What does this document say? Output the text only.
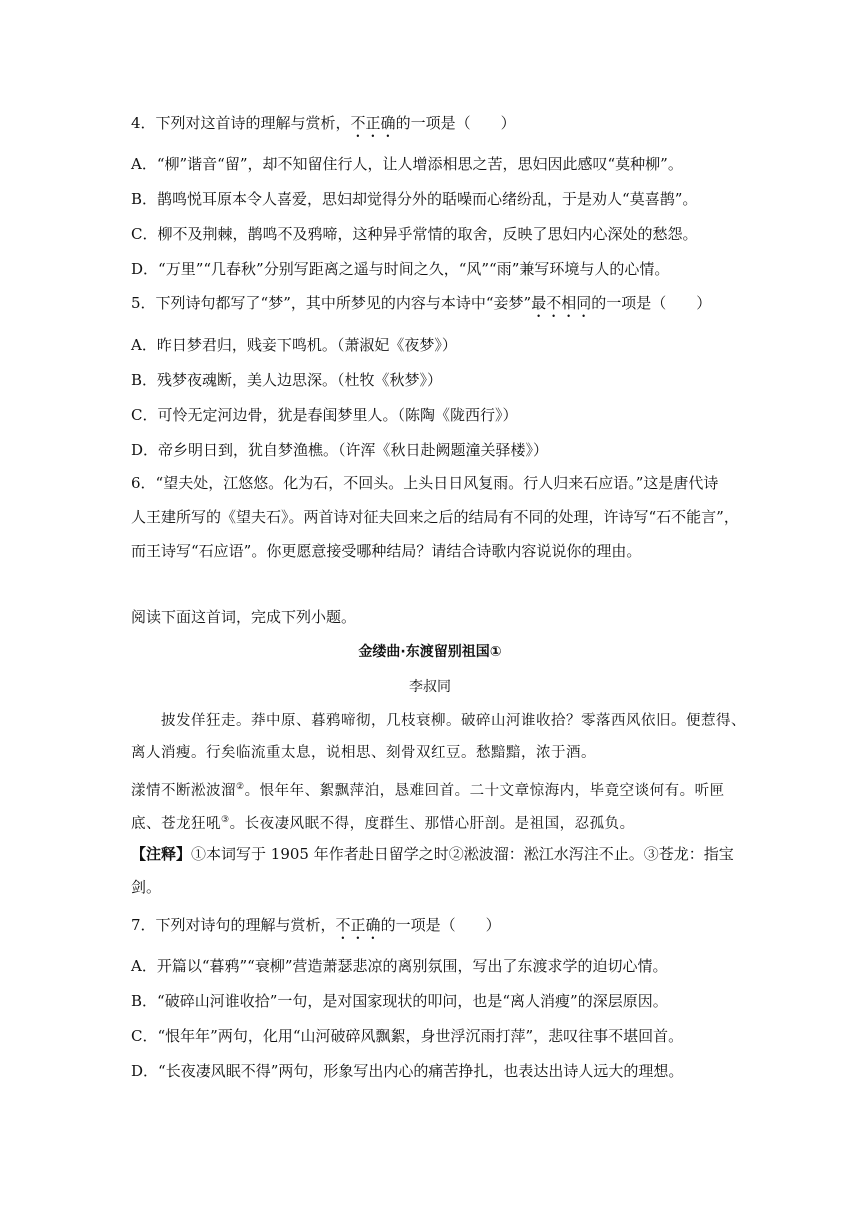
4．下列对这首诗的理解与赏析，不正确的一项是（　　）
A．“柳”谐音“留”，却不知留住行人，让人增添相思之苦，思妇因此感叹“莫种柳”。
B．鹊鸣悦耳原本令人喜爱，思妇却觉得分外的聒噪而心绪纷乱，于是劝人“莫喜鹊”。
C．柳不及荆棘，鹊鸣不及鸦啼，这种异乎常情的取舍，反映了思妇内心深处的愁怨。
D．“万里”“几春秋”分别写距离之遥与时间之久，“风”“雨”兼写环境与人的心情。
5．下列诗句都写了“梦”，其中所梦见的内容与本诗中“妾梦”最不相同的一项是（　　）
A．昨日梦君归，贱妾下鸣机。（萧淑妃《夜梦》）
B．残梦夜魂断，美人边思深。（杜牧《秋梦》）
C．可怜无定河边骨，犹是春闺梦里人。（陈陶《陇西行》）
D．帝乡明日到，犹自梦渔樵。（许浑《秋日赴阙题潼关驿楼》）
6．“望夫处，江悠悠。化为石，不回头。上头日日风复雨。行人归来石应语。”这是唐代诗
人王建所写的《望夫石》。两首诗对征夫回来之后的结局有不同的处理，许诗写“石不能言”，
而王诗写“石应语”。你更愿意接受哪种结局？请结合诗歌内容说说你的理由。
阅读下面这首词，完成下列小题。
金缕曲·东渡留别祖国①
李叔同
　　披发佯狂走。莽中原、暮鸦啼彻，几枝衰柳。破碎山河谁收拾？零落西风依旧。便惹得、
离人消瘦。行矣临流重太息，说相思、刻骨双红豆。愁黯黯，浓于酒。
漾情不断淞波溜②。恨年年、絮飘萍泊，恳难回首。二十文章惊海内，毕竟空谈何有。听匣
底、苍龙狂吼③。长夜凄风眠不得，度群生、那惜心肝剖。是祖国，忍孤负。
【注释】①本词写于 1905 年作者赴日留学之时②淞波溜：淞江水泻注不止。③苍龙：指宝
剑。
7．下列对诗句的理解与赏析，不正确的一项是（　　）
A．开篇以“暮鸦”“衰柳”营造萧瑟悲凉的离别氛围，写出了东渡求学的迫切心情。
B．“破碎山河谁收拾”一句，是对国家现状的叩问，也是“离人消瘦”的深层原因。
C．“恨年年”两句，化用“山河破碎风飘絮，身世浮沉雨打萍”，悲叹往事不堪回首。
D．“长夜凄风眠不得”两句，形象写出内心的痛苦挣扎，也表达出诗人远大的理想。
